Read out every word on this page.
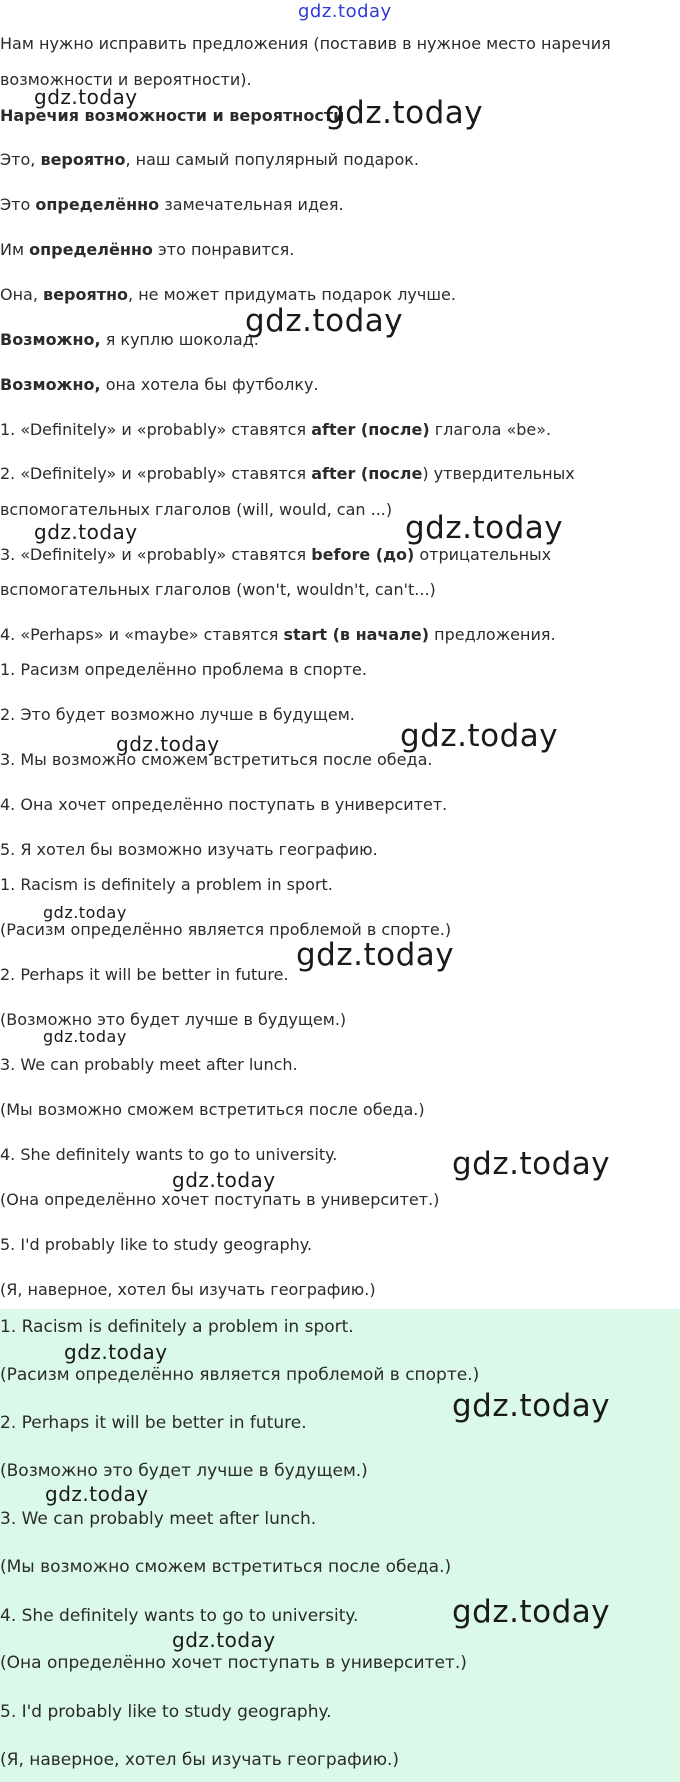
gdz.today
Нам нужно исправить предложения (поставив в нужное место наречия
возможности и вероятности).
gdz.today
Наречия возможности и вероятности
gdz.today
Это, вероятно, наш самый популярный подарок.
Это определённо замечательная идея.
Им определённо это понравится.
Она, вероятно, не может придумать подарок лучше.
gdz.today
Возможно, я куплю шоколад.
Возможно, она хотела бы футболку.
1. «Definitely» и «probably» ставятся after (после) глагола «be».
2. «Definitely» и «probably» ставятся after (после) утвердительных
вспомогательных глаголов (will, would, can ...)
gdz.today	gdz.today
3. «Definitely» и «probably» ставятся before (до) отрицательных
вспомогательных глаголов (won't, wouldn't, can't...)
4. «Perhaps» и «maybe» ставятся start (в начале) предложения.
1. Расизм определённо проблема в спорте.
2. Это будет возможно лучше в будущем.
gdz.today	gdz.today
3. Мы возможно сможем встретиться после обеда.
4. Она хочет определённо поступать в университет.
5. Я хотел бы возможно изучать географию.
1. Racism is definitely a problem in sport.
gdz.today
(Расизм определённо является проблемой в спорте.)
gdz.today
2. Perhaps it will be better in future.
(Возможно это будет лучше в будущем.)
gdz.today
3. We can probably meet after lunch.
(Мы возможно сможем встретиться после обеда.)
4. She definitely wants to go to university.	gdz.today
gdz.today
(Она определённо хочет поступать в университет.)
5. I'd probably like to study geography.
(Я, наверное, хотел бы изучать географию.)
1. Racism is definitely a problem in sport.
gdz.today
(Расизм определённо является проблемой в спорте.)
gdz.today
2. Perhaps it will be better in future.
(Возможно это будет лучше в будущем.)
gdz.today
3. We can probably meet after lunch.
(Мы возможно сможем встретиться после обеда.)
gdz.today
4. She definitely wants to go to university.
gdz.today
(Она определённо хочет поступать в университет.)
5. I'd probably like to study geography.
(Я, наверное, хотел бы изучать географию.)
